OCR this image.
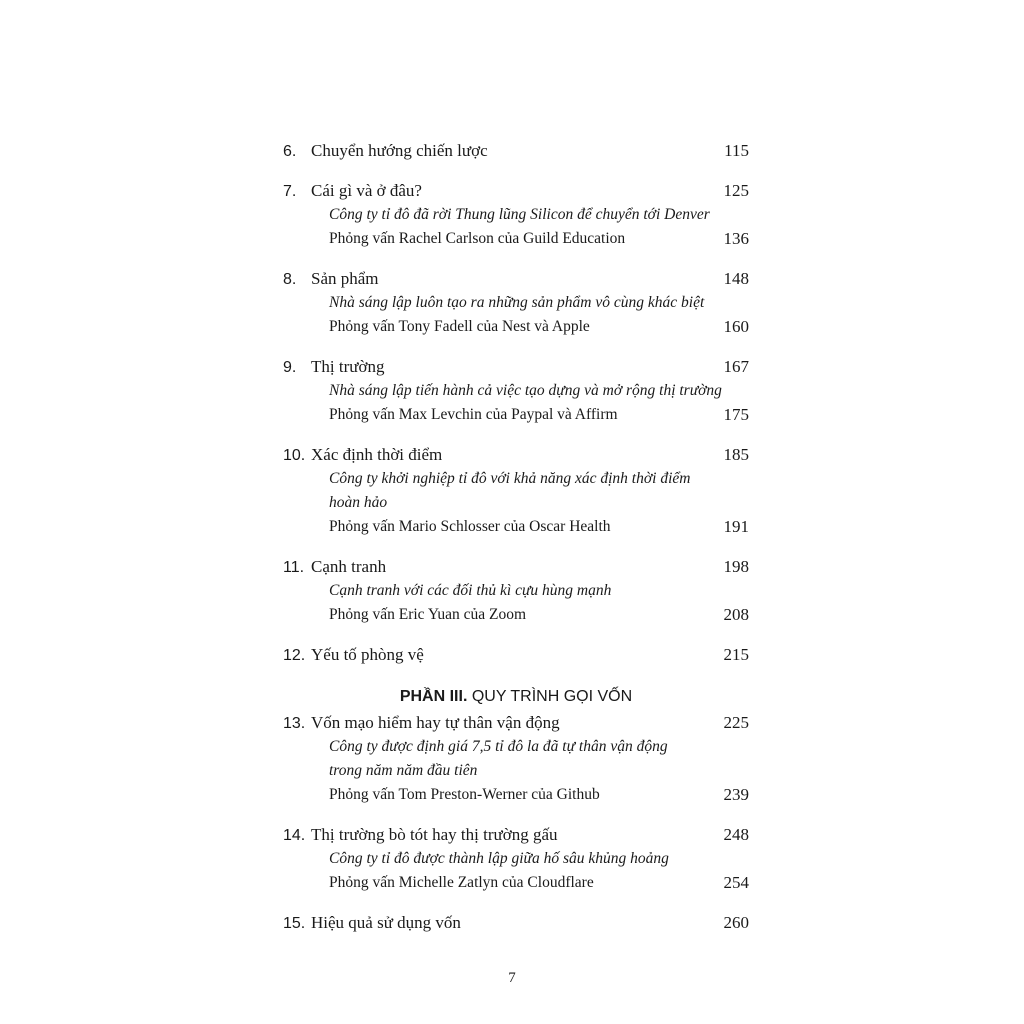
6. Chuyển hướng chiến lược	115
7. Cái gì và ở đâu?	125
Công ty tỉ đô đã rời Thung lũng Silicon để chuyển tới Denver
Phỏng vấn Rachel Carlson của Guild Education	136
8. Sản phẩm	148
Nhà sáng lập luôn tạo ra những sản phẩm vô cùng khác biệt
Phỏng vấn Tony Fadell của Nest và Apple	160
9. Thị trường	167
Nhà sáng lập tiến hành cả việc tạo dựng và mở rộng thị trường
Phỏng vấn Max Levchin của Paypal và Affirm	175
10. Xác định thời điểm	185
Công ty khởi nghiệp tỉ đô với khả năng xác định thời điểm
hoàn hảo
Phỏng vấn Mario Schlosser của Oscar Health	191
11. Cạnh tranh	198
Cạnh tranh với các đối thủ kì cựu hùng mạnh
Phỏng vấn Eric Yuan của Zoom	208
12. Yếu tố phòng vệ	215
PHẦN III. QUY TRÌNH GỌI VỐN
13. Vốn mạo hiểm hay tự thân vận động	225
Công ty được định giá 7,5 tỉ đô la đã tự thân vận động
trong năm năm đầu tiên
Phỏng vấn Tom Preston-Werner của Github	239
14. Thị trường bò tót hay thị trường gấu	248
Công ty tỉ đô được thành lập giữa hố sâu khủng hoảng
Phỏng vấn Michelle Zatlyn của Cloudflare	254
15. Hiệu quả sử dụng vốn	260
7
